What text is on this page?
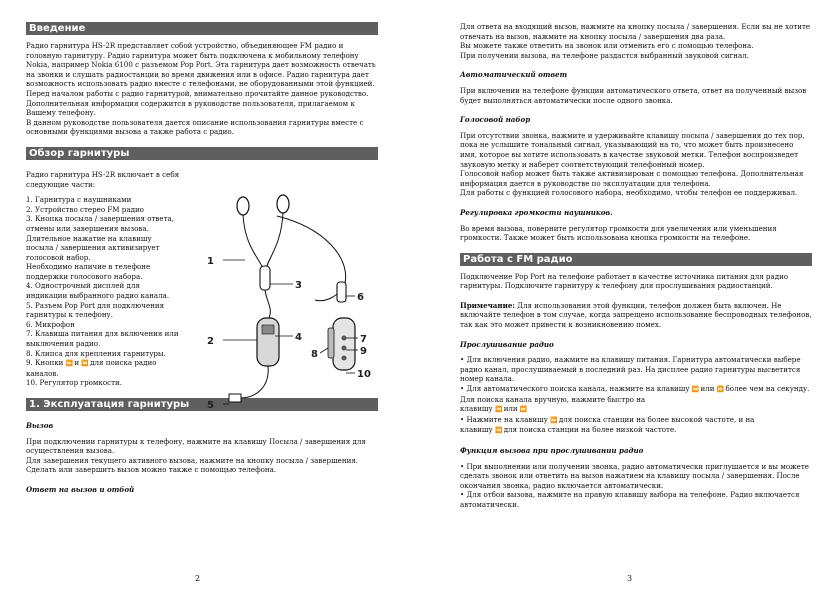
Введение

Радио гарнитура HS-2R представляет собой устройство, объединяющее FM радио и головную гарнитуру. Радио гарнитура может быть подключена к мобильному телефону Nokia, например Nokia 6100 с разъемом Pop Port. Эта гарнитура дает возможность отвечать на звонки и слушать радиостанции во время движения или в офисе. Радио гарнитура дает возможность использовать радио вместе с телефонами, не оборудованными этой функцией.

Перед началом работы с радио гарнитурой, внимательно прочитайте данное руководство. Дополнительная информация содержится в руководстве пользователя, прилагаемом к Вашему телефону.

В данном руководстве пользователя дается описание использования гарнитуры вместе с основными функциями вызова а также работа с радио.

Обзор гарнитуры

Радио гарнитура HS-2R включает в себя следующие части:

1. Гарнитура с наушниками

2. Устройство стерео FM радио

3. Кнопка посыла / завершения ответа, отмены или завершения вызова. Длительное нажатие на клавишу посыла / завершения активизирует голосовой набор.

Необходимо наличие в телефоне поддержки голосового набора.

4. Однострочный дисплей для индикации выбранного радио канала.

5. Разъем Pop Port для подключения гарнитуры к телефону.

6. Микрофон

7. Клавиша питания для включения или выключения радио.

8. Клипса для крепления гарнитуры.

9. Кнопки ⏩ и ⏪ для поиска радио каналов.

10. Регулятор громкости.

1. Эксплуатация гарнитуры

Вызов

При подключении гарнитуры к телефону, нажмите на клавишу Посыла / завершения для осуществления вызова.

Для завершения текущего активного вызова, нажмите на кнопку посыла / завершения. Сделать или завершить вызов можно также с помощью телефона.

Ответ на вызов и отбой

1
2
3
4
5
6
7
8	9
10
2

Для ответа на входящий вызов, нажмите на кнопку посыла / завершения. Если вы не хотите отвечать на вызов, нажмите на кнопку посыла / завершения два раза.

Вы можете также ответить на звонок или отменить его с помощью телефона.

При получении вызова, на телефоне раздастся выбранный звуковой сигнал.

Автоматический ответ

При включении на телефоне функции автоматического ответа, ответ на полученный вызов будет выполняться автоматически после одного звонка.

Голосовой набор

При отсутствии звонка, нажмите и удерживайте клавишу посыла / завершения до тех пор, пока не услышите тональный сигнал, указывающий на то, что может быть произнесено имя, которое вы хотите использовать в качестве звуковой метки. Телефон воспроизведет звуковую метку и наберет соответствующий телефонный номер.

Голосовой набор может быть также активизирован с помощью телефона. Дополнительная информация дается в руководстве по эксплуатации для телефона.

Для работы с функцией голосового набора, необходимо, чтобы телефон ее поддерживал.

Регулировка громкости наушников.

Во время вызова, поверните регулятор громкости для увеличения или уменьшения громкости. Также может быть использована кнопка громкости на телефоне.

Работа с FM радио

Подключение Pop Port на телефоне работает в качестве источника питания для радио гарнитуры. Подключите гарнитуру к телефону для прослушивания радиостанций.

Примечание: Для использования этой функции, телефон должен быть включен. Не включайте телефон в том случае, когда запрещено использование беспроводных телефонов, так как это может привести к возникновению помех.

Прослушивание радио

• Для включения радио, нажмите на клавишу питания. Гарнитура автоматически выбере радио канал, прослушиваемый в последний раз. На дисплее радио гарнитуры высветится номер канала.

• Для автоматического поиска канала, нажмите на клавишу ⏪ или ⏩ более чем на секунду. Для поиска канала вручную, нажмите быстро на

клавишу ⏪ или ⏩

• Нажмите на клавишу ⏩ для поиска станции на более высокой частоте, и на

клавишу ⏪ для поиска станции на более низкой частоте.

Функция вызова при прослушивании радио

• При выполнении или получении звонка, радио автоматически приглушается и вы можете сделать звонок или ответить на вызов нажатием на клавишу посыла / завершения. После окончания звонка, радио включается автоматически.

• Для отбоя вызова, нажмите на правую клавишу выбора на телефоне. Радио включается автоматически.

3
